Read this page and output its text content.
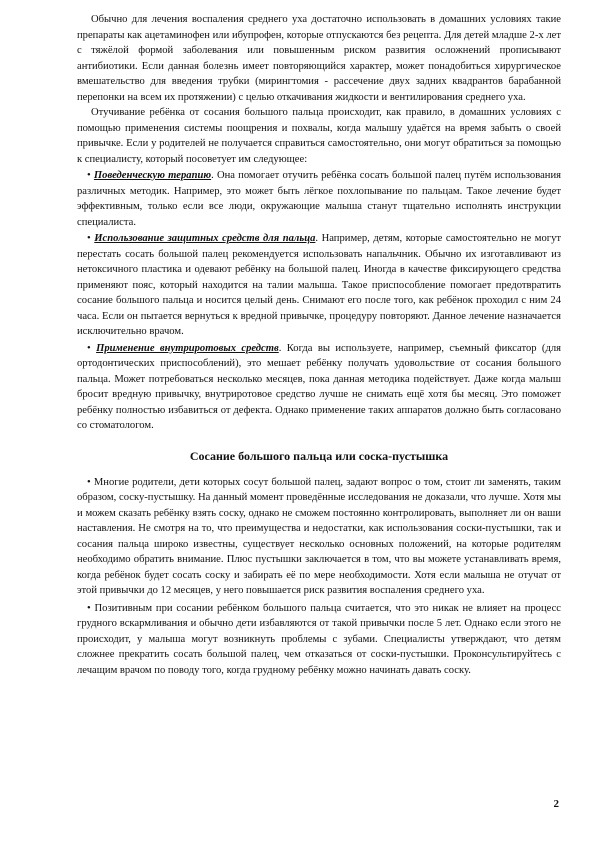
Обычно для лечения воспаления среднего уха достаточно использовать в домашних условиях такие препараты как ацетаминофен или ибупрофен, которые отпускаются без рецепта. Для детей младше 2-х лет с тяжёлой формой заболевания или повышенным риском развития осложнений прописывают антибиотики. Если данная болезнь имеет повторяющийся характер, может понадобиться хирургическое вмешательство для введения трубки (мирингтомия - рассечение двух задних квадрантов барабанной перепонки на всем их протяжении) с целью откачивания жидкости и вентилирования среднего уха.

Отучивание ребёнка от сосания большого пальца происходит, как правило, в домашних условиях с помощью применения системы поощрения и похвалы, когда малышу удаётся на время забыть о своей привычке. Если у родителей не получается справиться самостоятельно, они могут обратиться за помощью к специалисту, который посоветует им следующее:

• Поведенческую терапию. Она помогает отучить ребёнка сосать большой палец путём использования различных методик. Например, это может быть лёгкое похлопывание по пальцам. Такое лечение будет эффективным, только если все люди, окружающие малыша станут тщательно исполнять инструкции специалиста.

• Использование защитных средств для пальца. Например, детям, которые самостоятельно не могут перестать сосать большой палец рекомендуется использовать напальчник. Обычно их изготавливают из нетоксичного пластика и одевают ребёнку на большой палец. Иногда в качестве фиксирующего средства применяют пояс, который находится на талии малыша. Такое приспособление помогает предотвратить сосание большого пальца и носится целый день. Снимают его после того, как ребёнок проходил с ним 24 часа. Если он пытается вернуться к вредной привычке, процедуру повторяют. Данное лечение назначается исключительно врачом.

• Применение внутриротовых средств. Когда вы используете, например, съемный фиксатор (для ортодонтических приспособлений), это мешает ребёнку получать удовольствие от сосания большого пальца. Может потребоваться несколько месяцев, пока данная методика подействует. Даже когда малыш бросит вредную привычку, внутриротовое средство лучше не снимать ещё хотя бы месяц. Это поможет ребёнку полностью избавиться от дефекта. Однако применение таких аппаратов должно быть согласовано со стоматологом.

Сосание большого пальца или соска-пустышка

• Многие родители, дети которых сосут большой палец, задают вопрос о том, стоит ли заменять, таким образом, соску-пустышку. На данный момент проведённые исследования не доказали, что лучше. Хотя мы и можем сказать ребёнку взять соску, однако не сможем постоянно контролировать, выполняет ли он ваши наставления. Не смотря на то, что преимущества и недостатки, как использования соски-пустышки, так и сосания пальца широко известны, существует несколько основных положений, на которые родителям необходимо обратить внимание. Плюс пустышки заключается в том, что вы можете устанавливать время, когда ребёнок будет сосать соску и забирать её по мере необходимости. Хотя если малыша не отучат от этой привычки до 12 месяцев, у него повышается риск развития воспаления среднего уха.

• Позитивным при сосании ребёнком большого пальца считается, что это никак не влияет на процесс грудного вскармливания и обычно дети избавляются от такой привычки после 5 лет. Однако если этого не происходит, у малыша могут возникнуть проблемы с зубами. Специалисты утверждают, что детям сложнее прекратить сосать большой палец, чем отказаться от соски-пустышки. Проконсультируйтесь с лечащим врачом по поводу того, когда грудному ребёнку можно начинать давать соску.

2
